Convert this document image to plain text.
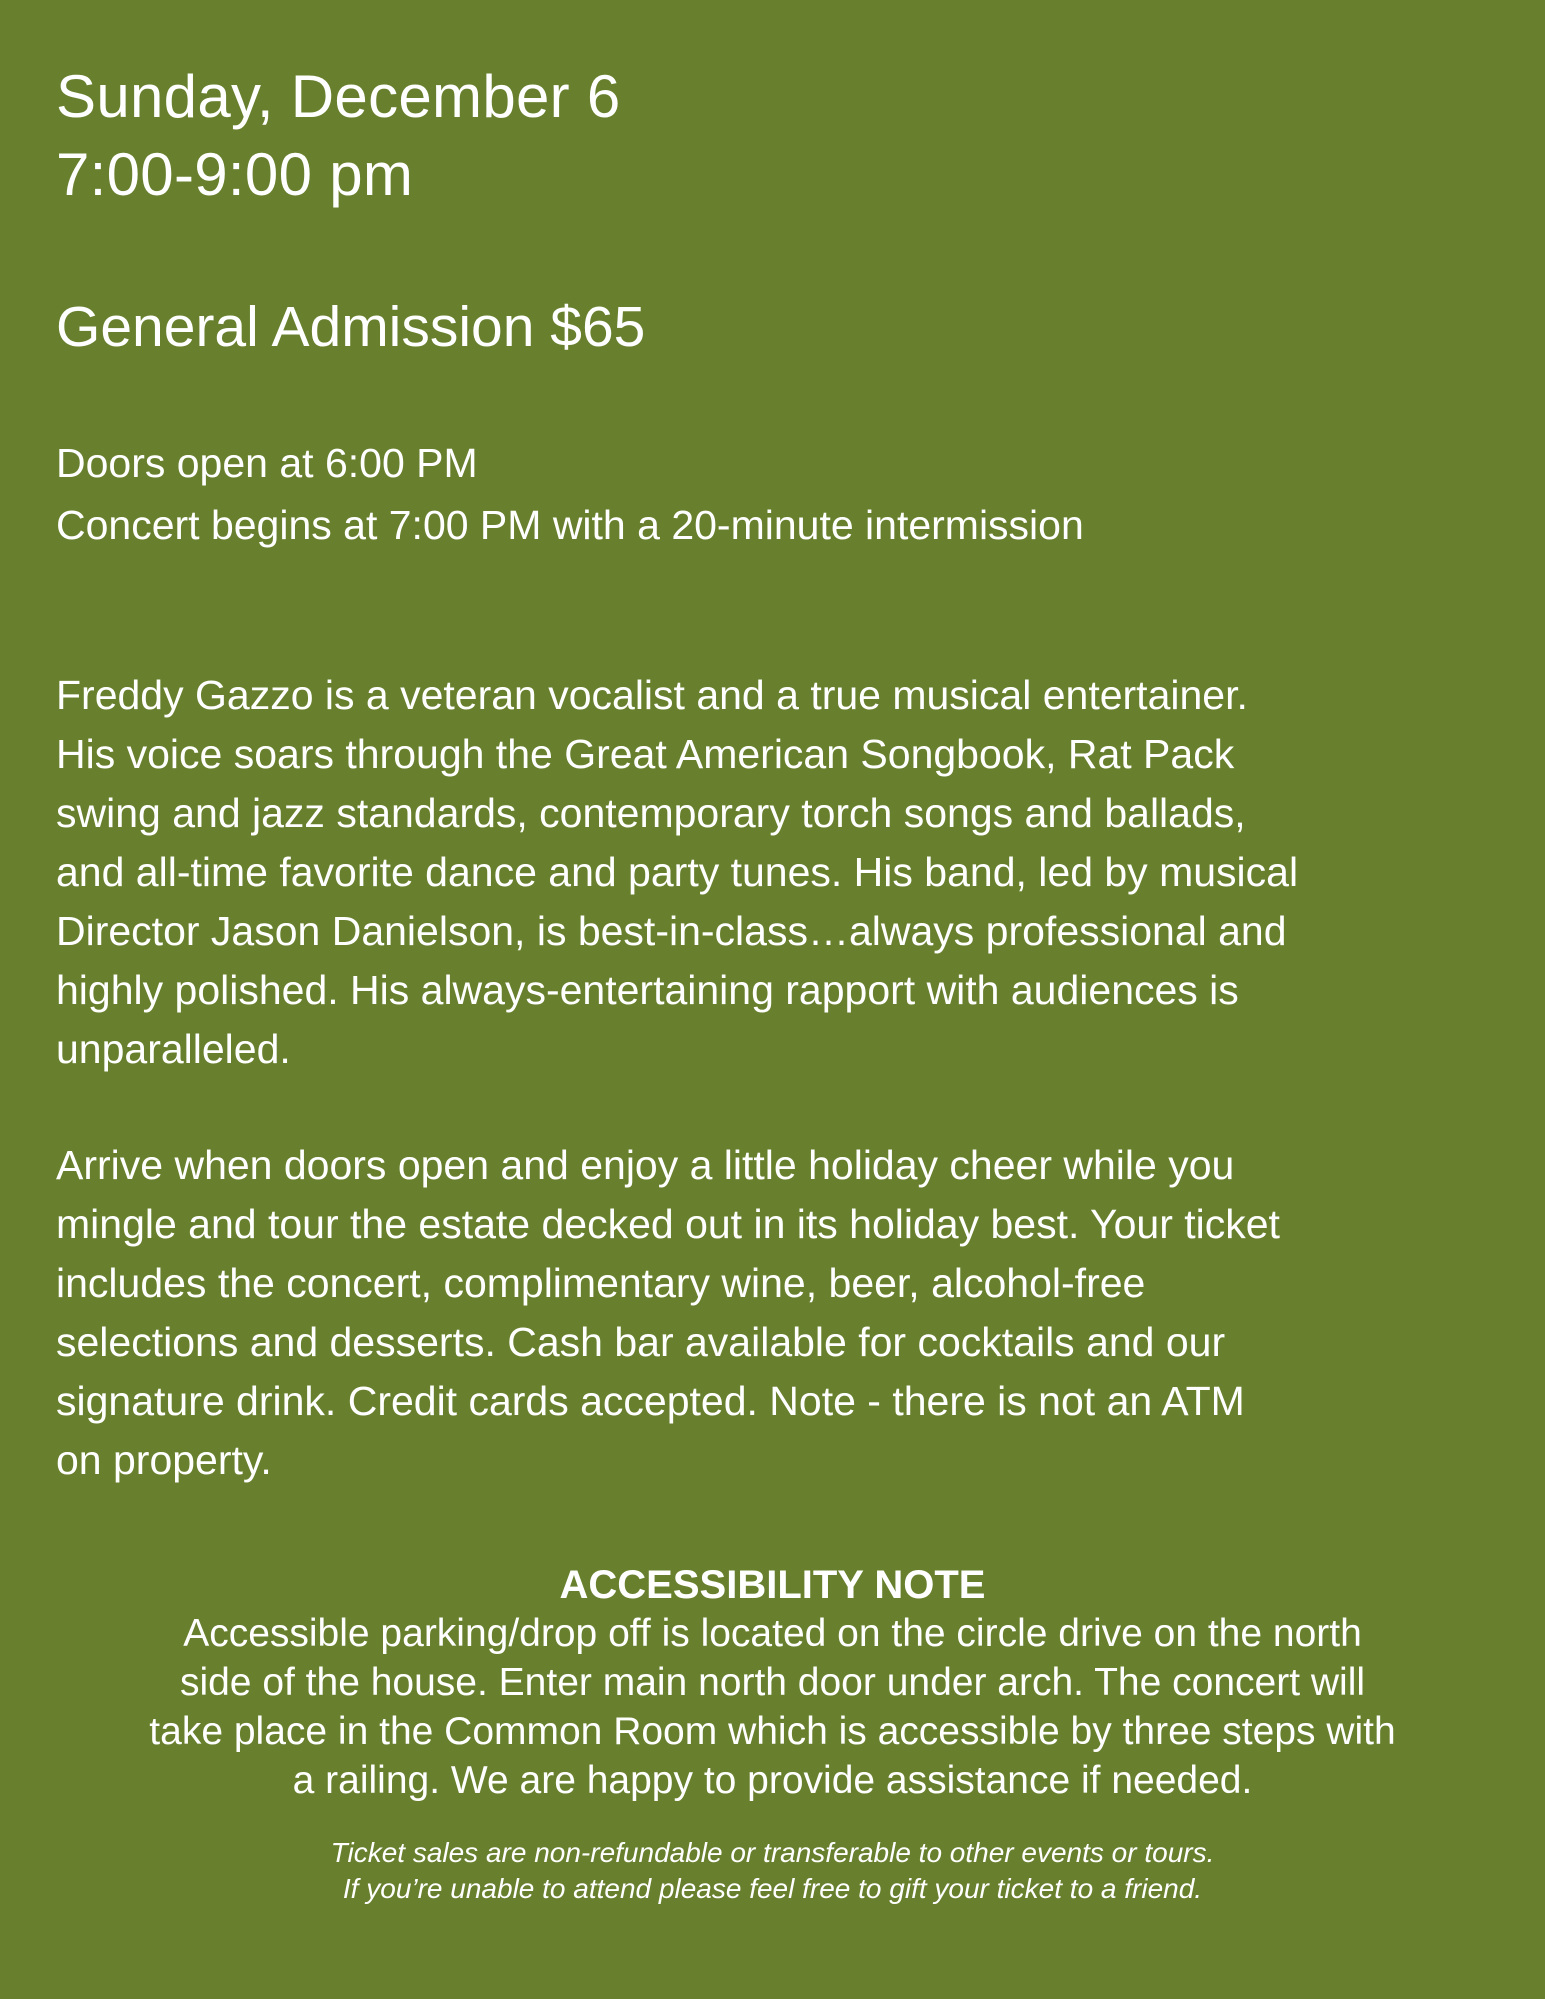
Sunday, December 6
7:00-9:00 pm
General Admission $65
Doors open at 6:00 PM
Concert begins at 7:00 PM with a 20-minute intermission
Freddy Gazzo is a veteran vocalist and a true musical entertainer.
His voice soars through the Great American Songbook, Rat Pack
swing and jazz standards, contemporary torch songs and ballads,
and all-time favorite dance and party tunes. His band, led by musical
Director Jason Danielson, is best-in-class…always professional and
highly polished. His always-entertaining rapport with audiences is
unparalleled.
Arrive when doors open and enjoy a little holiday cheer while you
mingle and tour the estate decked out in its holiday best. Your ticket
includes the concert, complimentary wine, beer, alcohol-free
selections and desserts. Cash bar available for cocktails and our
signature drink. Credit cards accepted. Note - there is not an ATM
on property.
ACCESSIBILITY NOTE
Accessible parking/drop off is located on the circle drive on the north
side of the house. Enter main north door under arch. The concert will
take place in the Common Room which is accessible by three steps with
a railing. We are happy to provide assistance if needed.
Ticket sales are non-refundable or transferable to other events or tours.
If you’re unable to attend please feel free to gift your ticket to a friend.
